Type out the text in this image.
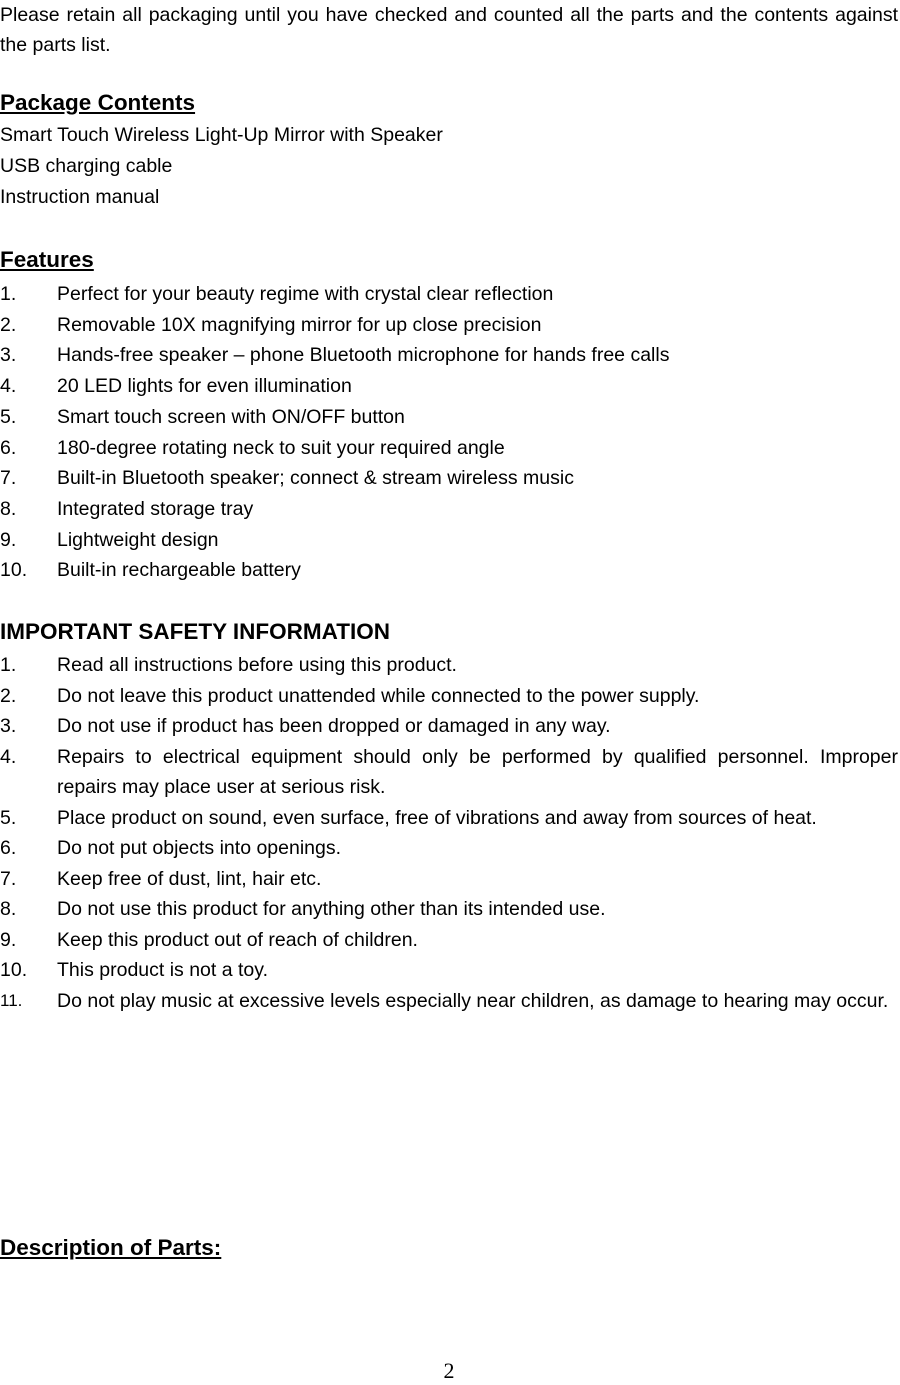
Please retain all packaging until you have checked and counted all the parts and the contents against the parts list.

Package Contents
Smart Touch Wireless Light-Up Mirror with Speaker
USB charging cable
Instruction manual
Features
1. Perfect for your beauty regime with crystal clear reflection
2. Removable 10X magnifying mirror for up close precision
3. Hands-free speaker – phone Bluetooth microphone for hands free calls
4. 20 LED lights for even illumination
5. Smart touch screen with ON/OFF button
6. 180-degree rotating neck to suit your required angle
7. Built-in Bluetooth speaker; connect & stream wireless music
8. Integrated storage tray
9. Lightweight design
10. Built-in rechargeable battery
IMPORTANT SAFETY INFORMATION
1. Read all instructions before using this product.
2. Do not leave this product unattended while connected to the power supply.
3. Do not use if product has been dropped or damaged in any way.
4. Repairs to electrical equipment should only be performed by qualified personnel. Improper repairs may place user at serious risk.
5. Place product on sound, even surface, free of vibrations and away from sources of heat.
6. Do not put objects into openings.
7. Keep free of dust, lint, hair etc.
8. Do not use this product for anything other than its intended use.
9. Keep this product out of reach of children.
10. This product is not a toy.
11. Do not play music at excessive levels especially near children, as damage to hearing may occur.
Description of Parts:
2
